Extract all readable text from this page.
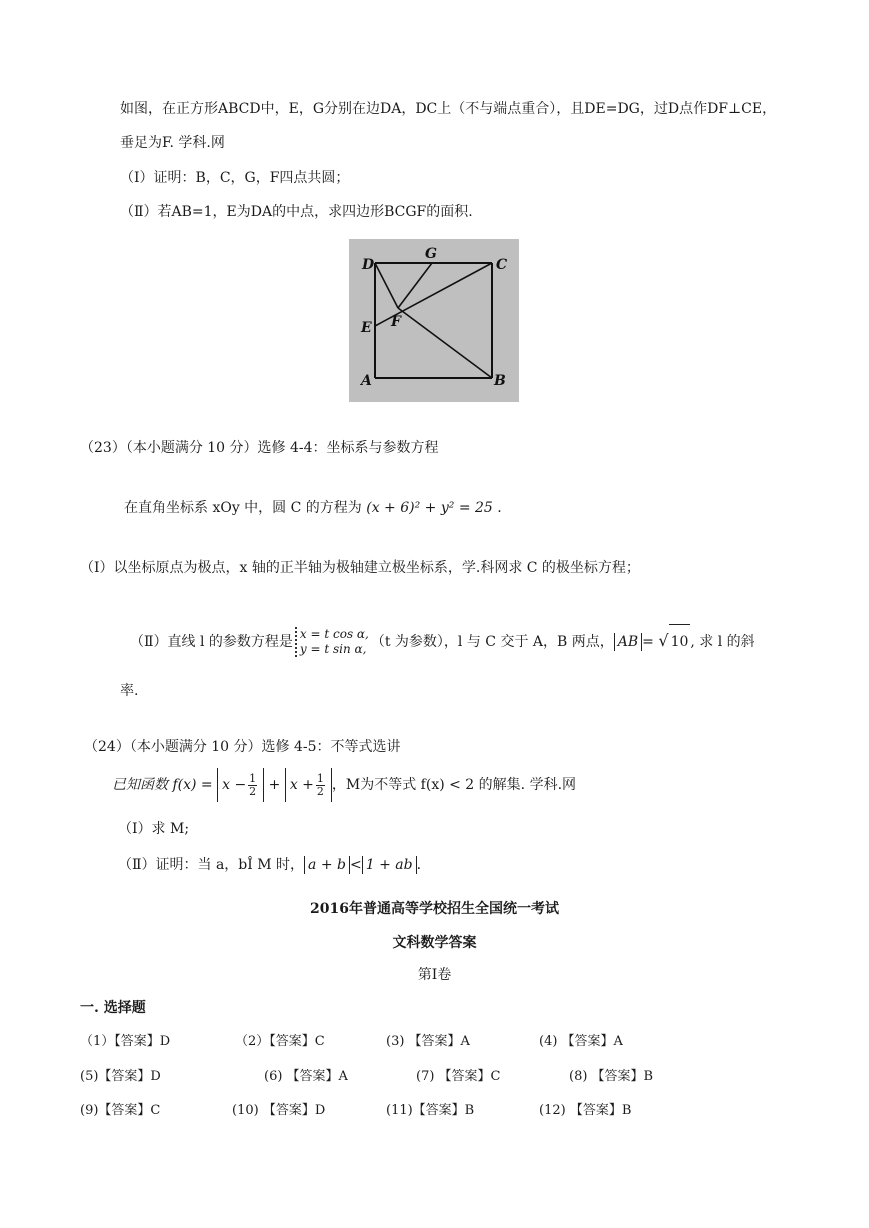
如图，在正方形ABCD中，E，G分别在边DA，DC上（不与端点重合），且DE=DG，过D点作DF⊥CE，
垂足为F. 学科.网
（Ⅰ）证明：B，C，G，F四点共圆；
（Ⅱ）若AB=1，E为DA的中点，求四边形BCGF的面积.
D
G
C
E F
A	B
（23）（本小题满分 10 分）选修 4-4：坐标系与参数方程
在直角坐标系 xOy 中，圆 C 的方程为 (x + 6)² + y² = 25 .
（Ⅰ）以坐标原点为极点，x 轴的正半轴为极轴建立极坐标系，学.科网求 C 的极坐标方程；
（Ⅱ）直线 l 的参数方程是 x = t cos α,
y = t sin α, （t 为参数），l 与 C 交于 A，B 两点， AB = √ 10 , 求 l 的斜
率.
（24）（本小题满分 10 分）选修 4-5：不等式选讲
已知函数 $f(x) = x - \frac{1}{2} + x + \frac{1}{2}$ ，M为不等式 f(x) < 2 的解集. 学科.网
（Ⅰ）求 M;
（Ⅱ）证明：当 a，bÎ M 时， a + b < 1 + ab .
2016年普通高等学校招生全国统一考试
文科数学答案
第Ⅰ卷
一. 选择题
（1）【答案】D	（2）【答案】C	(3) 【答案】A	(4) 【答案】A
(5)【答案】D	(6) 【答案】A	(7) 【答案】C	(8) 【答案】B
(9)【答案】C	(10) 【答案】D	(11)【答案】B	(12) 【答案】B
